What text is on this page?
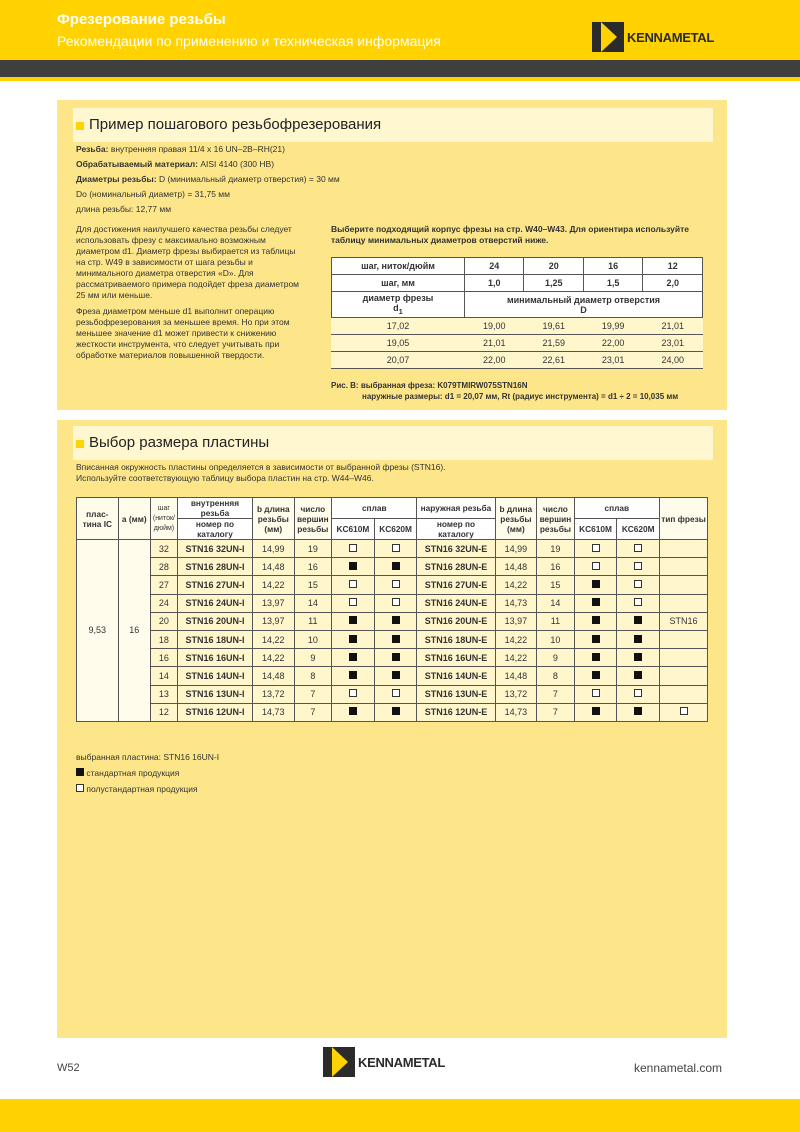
Фрезерование резьбы
Рекомендации по применению и техническая информация	KENNAMETAL
Пример пошагового резьбофрезерования
Резьба: внутренняя правая 11/4 x 16 UN–2B–RH(21)
Обрабатываемый материал: AISI 4140 (300 HB)
Диаметры резьбы: D (минимальный диаметр отверстия) = 30 мм
Do (номинальный диаметр) = 31,75 мм
длина резьбы: 12,77 мм
Для достижения наилучшего качества резьбы следует использовать фрезу с максимально возможным диаметром d1. Диаметр фрезы выбирается из таблицы на стр. W49 в зависимости от шага резьбы и минимального диаметра отверстия «D». Для рассматриваемого примера подойдет фреза диаметром 25 мм или меньше.
Фреза диаметром меньше d1 выполнит операцию резьбофрезерования за меньшее время. Но при этом меньшее значение d1 может привести к снижению жесткости инструмента, что следует учитывать при обработке материалов повышенной твердости.
Выберите подходящий корпус фрезы на стр. W40–W43. Для ориентира используйте таблицу минимальных диаметров отверстий ниже.
шаг, ниток/дюйм	24	20	16	12
шаг, мм	1,0	1,25	1,5	2,0
диаметр фрезы
$d_1$	минимальный диаметр отверстия
D			
17,02	19,00	19,61	19,99	21,01
19,05	21,01	21,59	22,00	23,01
20,07	22,00	22,61	23,01	24,00
Рис. B: выбранная фреза: K079TMIRW075STN16N
наружные размеры: d1 = 20,07 мм, Rt (радиус инструмента) = d1 ÷ 2 = 10,035 мм
Выбор размера пластины
Вписанная окружность пластины определяется в зависимости от выбранной фрезы (STN16).
Используйте соответствующую таблицу выбора пластин на стр. W44–W46.
плас-тина IC	a (мм)	шаг (ниток/ дюйм)	внутренняя резьба	b длина резьбы (мм)	число вершин резьбы	сплав		наружная резьба	b длина резьбы (мм)	число вершин резьбы	сплав		тип фрезы
			номер по каталогу			KC610M	KC620M	номер по каталогу			KC610M	KC620M	

9,53	16	32	STN16 32UN-I	14,99	19			STN16 32UN-E	14,99	19			
		28	STN16 28UN-I	14,48	16			STN16 28UN-E	14,48	16			
		27	STN16 27UN-I	14,22	15			STN16 27UN-E	14,22	15			
		24	STN16 24UN-I	13,97	14			STN16 24UN-E	14,73	14			
		20	STN16 20UN-I	13,97	11			STN16 20UN-E	13,97	11			STN16
		18	STN16 18UN-I	14,22	10			STN16 18UN-E	14,22	10			
		16	STN16 16UN-I	14,22	9			STN16 16UN-E	14,22	9			
		14	STN16 14UN-I	14,48	8			STN16 14UN-E	14,48	8			
		13	STN16 13UN-I	13,72	7			STN16 13UN-E	13,72	7			
		12	STN16 12UN-I	14,73	7			STN16 12UN-E	14,73	7			
выбранная пластина: STN16 16UN-I
стандартная продукция
полустандартная продукция
W52	KENNAMETAL	kennametal.com
